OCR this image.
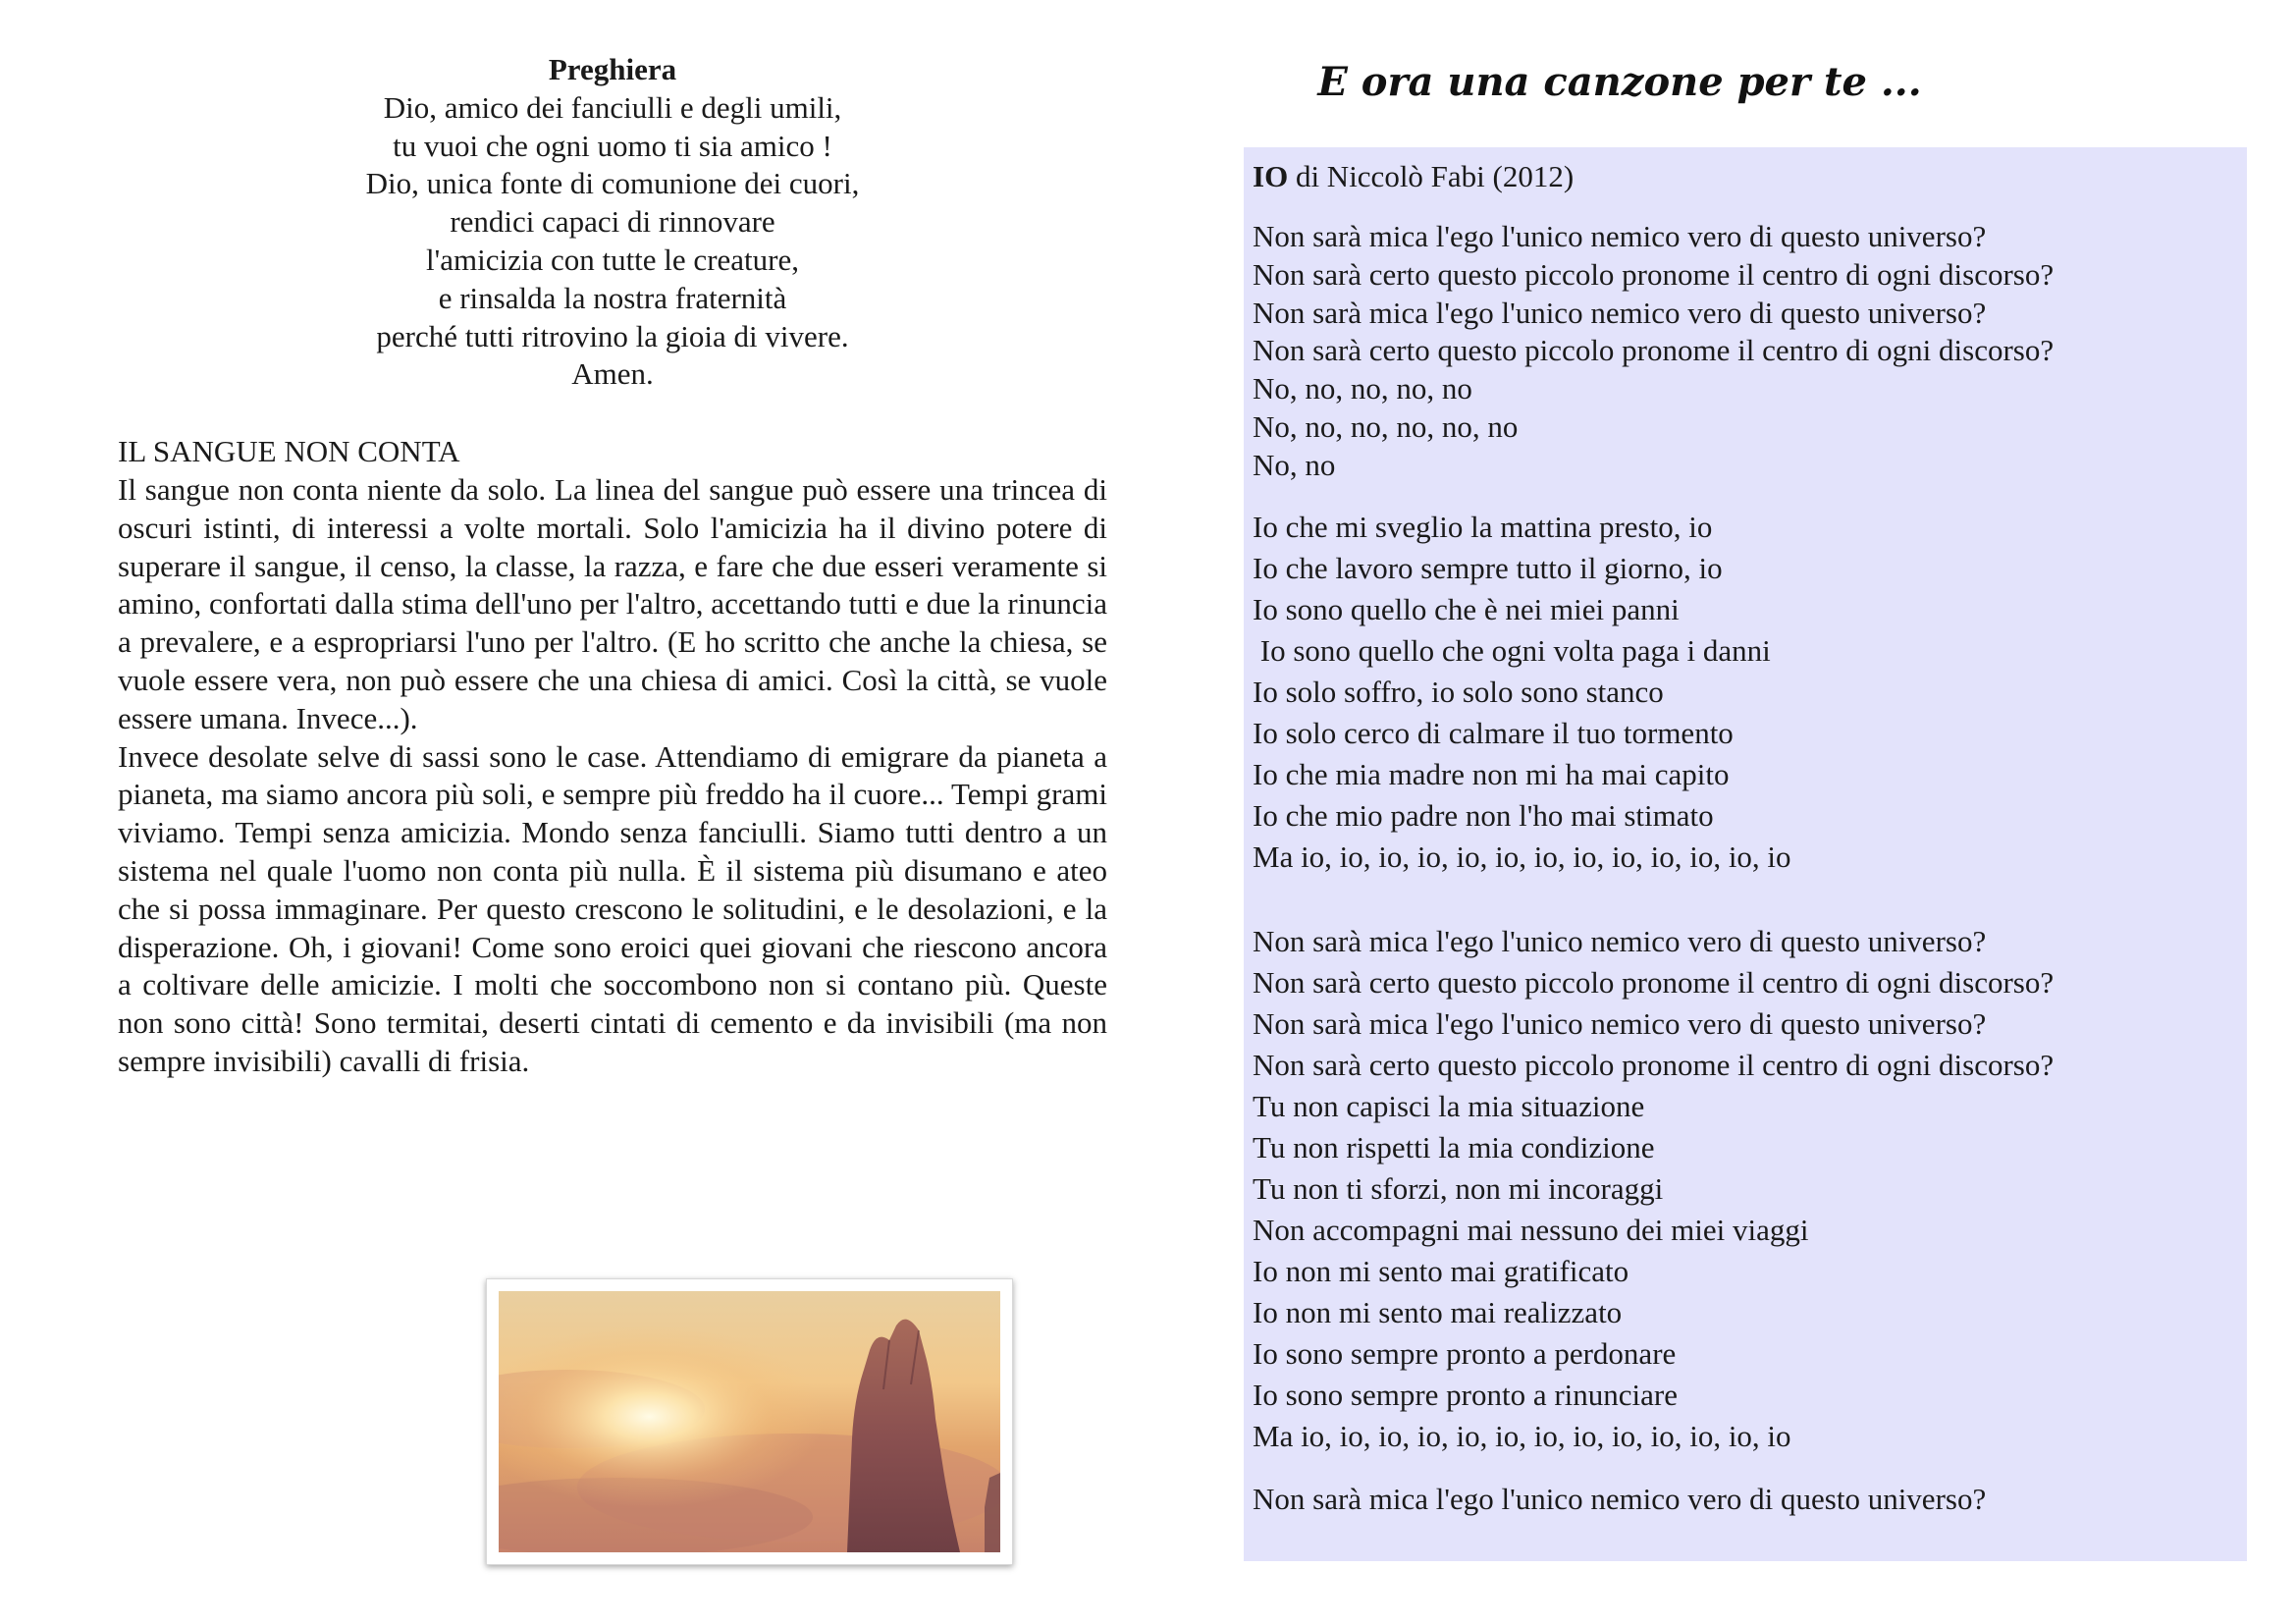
Preghiera
Dio, amico dei fanciulli e degli umili,
tu vuoi che ogni uomo ti sia amico !
Dio, unica fonte di comunione dei cuori,
rendici capaci di rinnovare
l'amicizia con tutte le creature,
e rinsalda la nostra fraternità
perché tutti ritrovino la gioia di vivere.
Amen.
IL SANGUE NON CONTA

Il sangue non conta niente da solo. La linea del sangue può essere una trincea di oscuri istinti, di interessi a volte mortali. Solo l'amicizia ha il divino potere di superare il sangue, il censo, la classe, la razza, e fare che due esseri veramente si amino, confortati dalla stima dell'uno per l'altro, accettando tutti e due la rinuncia a prevalere, e a espropriarsi l'uno per l'altro. (E ho scritto che anche la chiesa, se vuole essere vera, non può essere che una chiesa di amici. Così la città, se vuole essere umana. Invece...).

Invece desolate selve di sassi sono le case. Attendiamo di emigrare da pianeta a pianeta, ma siamo ancora più soli, e sempre più freddo ha il cuore... Tempi grami viviamo. Tempi senza amicizia. Mondo senza fanciulli. Siamo tutti dentro a un sistema nel quale l'uomo non conta più nulla. È il sistema più disumano e ateo che si possa immaginare. Per questo crescono le solitudini, e le desolazioni, e la disperazione. Oh, i giovani! Come sono eroici quei giovani che riescono ancora a coltivare delle amicizie. I molti che soccombono non si contano più. Queste non sono città! Sono termitai, deserti cintati di cemento e da invisibili (ma non sempre invisibili) cavalli di frisia.

E ora una canzone per te ...
IO di Niccolò Fabi (2012)
Non sarà mica l'ego l'unico nemico vero di questo universo?
Non sarà certo questo piccolo pronome il centro di ogni discorso?
Non sarà mica l'ego l'unico nemico vero di questo universo?
Non sarà certo questo piccolo pronome il centro di ogni discorso?
No, no, no, no, no
No, no, no, no, no, no
No, no
Io che mi sveglio la mattina presto, io
Io che lavoro sempre tutto il giorno, io
Io sono quello che è nei miei panni
Io sono quello che ogni volta paga i danni
Io solo soffro, io solo sono stanco
Io solo cerco di calmare il tuo tormento
Io che mia madre non mi ha mai capito
Io che mio padre non l'ho mai stimato
Ma io, io, io, io, io, io, io, io, io, io, io, io, io
Non sarà mica l'ego l'unico nemico vero di questo universo?
Non sarà certo questo piccolo pronome il centro di ogni discorso?
Non sarà mica l'ego l'unico nemico vero di questo universo?
Non sarà certo questo piccolo pronome il centro di ogni discorso?
Tu non capisci la mia situazione
Tu non rispetti la mia condizione
Tu non ti sforzi, non mi incoraggi
Non accompagni mai nessuno dei miei viaggi
Io non mi sento mai gratificato
Io non mi sento mai realizzato
Io sono sempre pronto a perdonare
Io sono sempre pronto a rinunciare
Ma io, io, io, io, io, io, io, io, io, io, io, io, io
Non sarà mica l'ego l'unico nemico vero di questo universo?
